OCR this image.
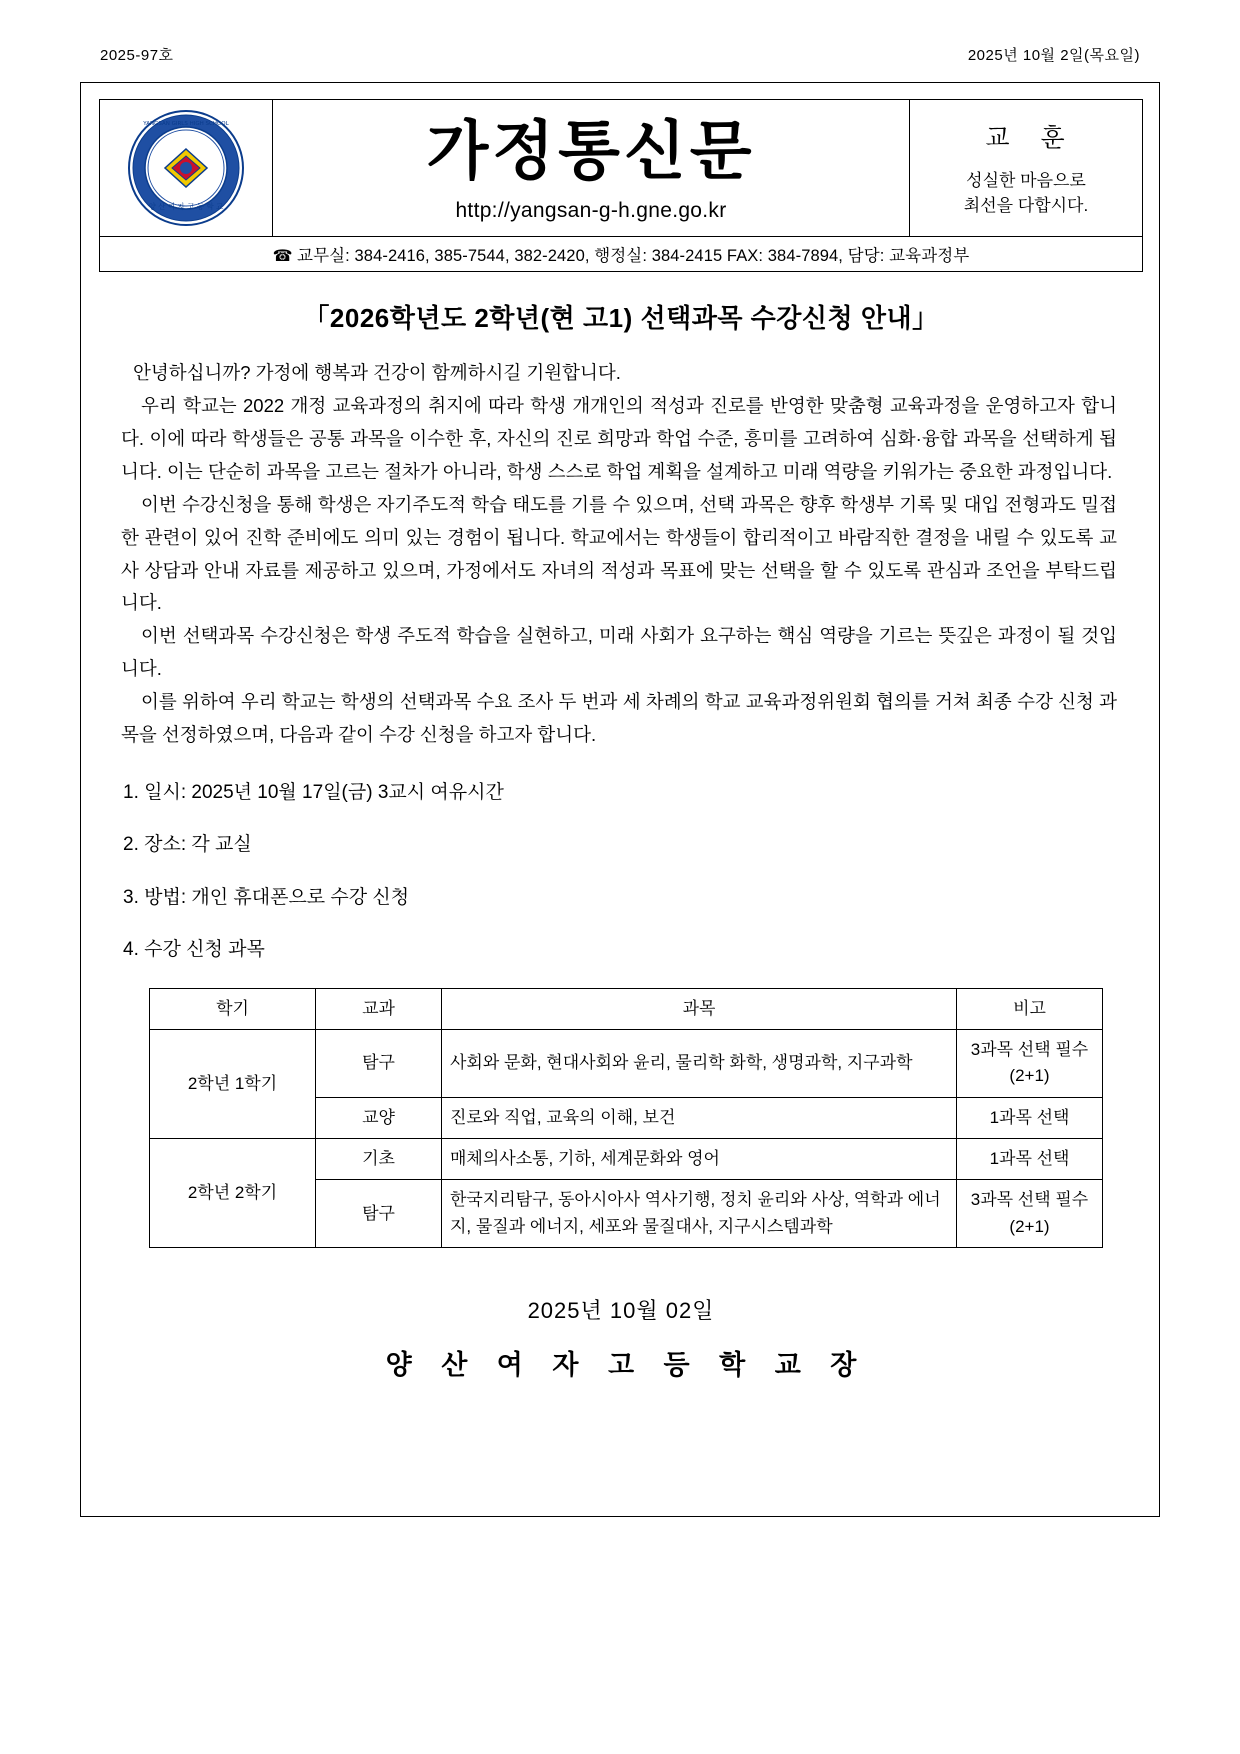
2025-97호	2025년 10월 2일(목요일)
Y S G H
양 산 여 자 고 등 학 교
YANGSAN GIRLS HIGH SCHOOL	가정통신문
http://yangsan-g-h.gne.go.kr

교 훈
성실한 마음으로
최선을 다합시다.

☎ 교무실: 384-2416, 385-7544, 382-2420, 행정실: 384-2415 FAX: 384-7894, 담당: 교육과정부
「2026학년도 2학년(현 고1) 선택과목 수강신청 안내」

안녕하십니까? 가정에 행복과 건강이 함께하시길 기원합니다.

우리 학교는 2022 개정 교육과정의 취지에 따라 학생 개개인의 적성과 진로를 반영한 맞춤형 교육과정을 운영하고자 합니다. 이에 따라 학생들은 공통 과목을 이수한 후, 자신의 진로 희망과 학업 수준, 흥미를 고려하여 심화·융합 과목을 선택하게 됩니다. 이는 단순히 과목을 고르는 절차가 아니라, 학생 스스로 학업 계획을 설계하고 미래 역량을 키워가는 중요한 과정입니다.

이번 수강신청을 통해 학생은 자기주도적 학습 태도를 기를 수 있으며, 선택 과목은 향후 학생부 기록 및 대입 전형과도 밀접한 관련이 있어 진학 준비에도 의미 있는 경험이 됩니다. 학교에서는 학생들이 합리적이고 바람직한 결정을 내릴 수 있도록 교사 상담과 안내 자료를 제공하고 있으며, 가정에서도 자녀의 적성과 목표에 맞는 선택을 할 수 있도록 관심과 조언을 부탁드립니다.

이번 선택과목 수강신청은 학생 주도적 학습을 실현하고, 미래 사회가 요구하는 핵심 역량을 기르는 뜻깊은 과정이 될 것입니다.

이를 위하여 우리 학교는 학생의 선택과목 수요 조사 두 번과 세 차례의 학교 교육과정위원회 협의를 거쳐 최종 수강 신청 과목을 선정하였으며, 다음과 같이 수강 신청을 하고자 합니다.

1. 일시: 2025년 10월 17일(금) 3교시 여유시간
2. 장소: 각 교실
3. 방법: 개인 휴대폰으로 수강 신청
4. 수강 신청 과목
학기	교과	과목	비고
2학년 1학기	탐구	사회와 문화, 현대사회와 윤리, 물리학 화학, 생명과학, 지구과학	3과목 선택 필수(2+1)
	교양	진로와 직업, 교육의 이해, 보건	1과목 선택
2학년 2학기	기초	매체의사소통, 기하, 세계문화와 영어	1과목 선택
	탐구	한국지리탐구, 동아시아사 역사기행, 정치 윤리와 사상, 역학과 에너지, 물질과 에너지, 세포와 물질대사, 지구시스템과학	3과목 선택 필수(2+1)
2025년 10월 02일
양 산 여 자 고 등 학 교 장
